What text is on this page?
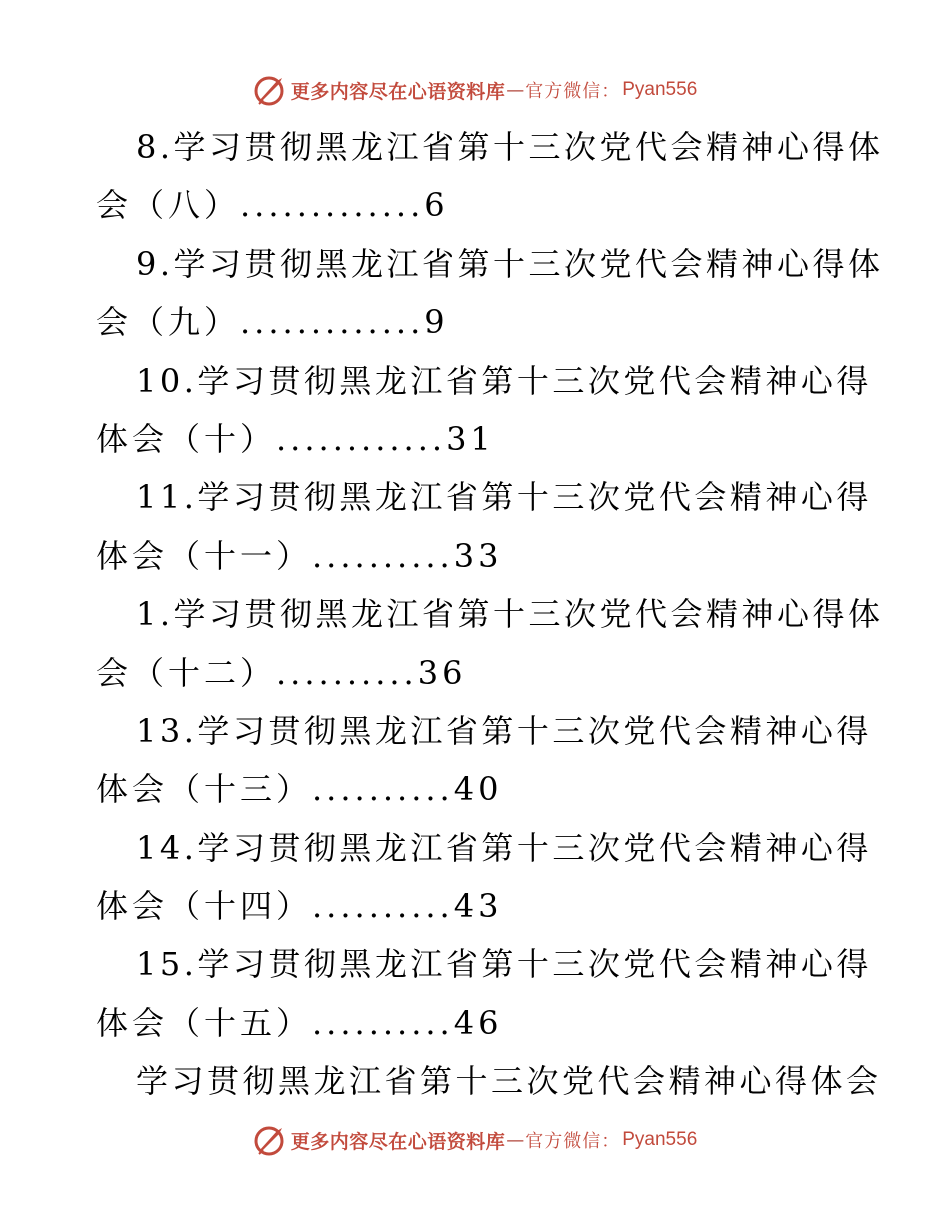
更多内容尽在心语资料库 — 官方微信： Pyan556
8.学习贯彻黑龙江省第十三次党代会精神心得体
会（八）.............6
9.学习贯彻黑龙江省第十三次党代会精神心得体
会（九）.............9
10.学习贯彻黑龙江省第十三次党代会精神心得
体会（十）............31
11.学习贯彻黑龙江省第十三次党代会精神心得
体会（十一）..........33
1.学习贯彻黑龙江省第十三次党代会精神心得体
会（十二）..........36
13.学习贯彻黑龙江省第十三次党代会精神心得
体会（十三）..........40
14.学习贯彻黑龙江省第十三次党代会精神心得
体会（十四）..........43
15.学习贯彻黑龙江省第十三次党代会精神心得
体会（十五）..........46
学习贯彻黑龙江省第十三次党代会精神心得体会
更多内容尽在心语资料库 — 官方微信： Pyan556
